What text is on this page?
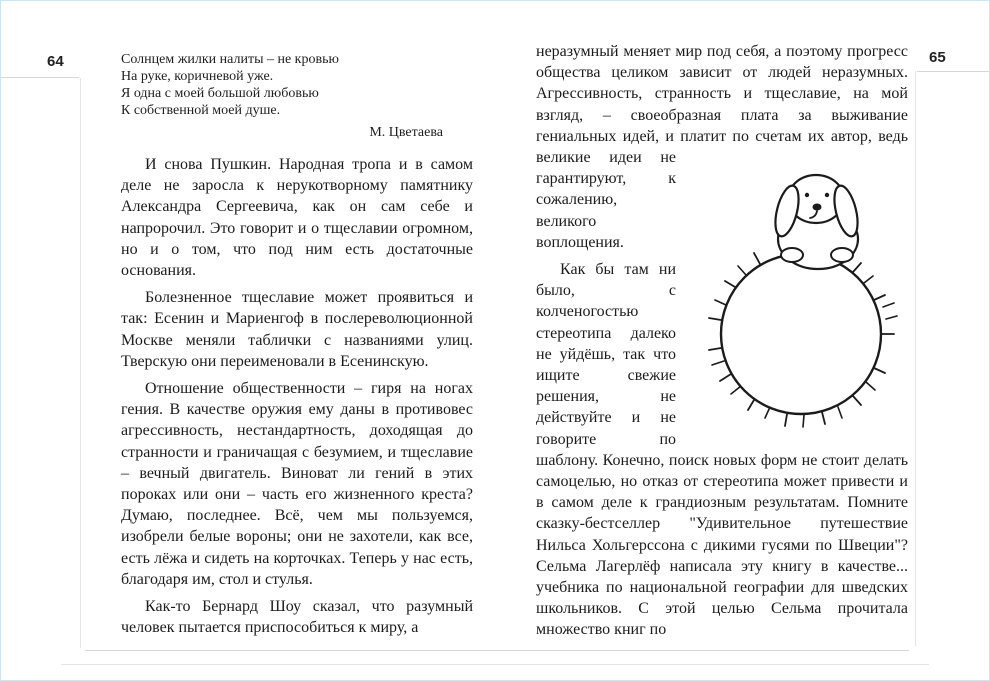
64	65
Солнцем жилки налиты – не кровью
На руке, коричневой уже.
Я одна с моей большой любовью
К собственной моей душе.
М. Цветаева

И снова Пушкин. Народная тропа и в самом деле не заросла к нерукотворному памятнику Александра Сергеевича, как он сам себе и напророчил. Это говорит и о тщеславии огромном, но и о том, что под ним есть достаточные основания.

Болезненное тщеславие может проявиться и так: Есенин и Мариенгоф в послереволюционной Москве меняли таблички с названиями улиц. Тверскую они переименовали в Есенинскую.

Отношение общественности – гиря на ногах гения. В качестве оружия ему даны в противовес агрессивность, нестандартность, доходящая до странности и граничащая с безумием, и тщеславие – вечный двигатель. Виноват ли гений в этих пороках или они – часть его жизненного креста? Думаю, последнее. Всё, чем мы пользуемся, изобрели белые вороны; они не захотели, как все, есть лёжа и сидеть на корточках. Теперь у нас есть, благодаря им, стол и стулья.

Как-то Бернард Шоу сказал, что разумный человек пытается приспособиться к миру, а

неразумный меняет мир под себя, а поэтому прогресс общества целиком зависит от людей неразумных. Агрессивность, странность и тщеславие, на мой взгляд, – своеобразная плата за выживание гениальных идей, и платит по счетам их автор, ведь великие идеи не
гарантируют, к сожалению, великого воплощения.

Как бы там ни было, с колченогостью стереотипа далеко не уйдёшь, так что ищите свежие решения, не действуйте и не говорите по шаблону. Конечно, поиск новых форм не стоит делать самоцелью, но отказ от стереотипа может привести и в самом деле к грандиозным результатам. Помните сказку-бестселлер "Удивительное путешествие Нильса Хольгерссона с дикими гусями по Швеции"? Сельма Лагерлёф написала эту книгу в качестве... учебника по национальной географии для шведских школьников. С этой целью Сельма прочитала множество книг по
